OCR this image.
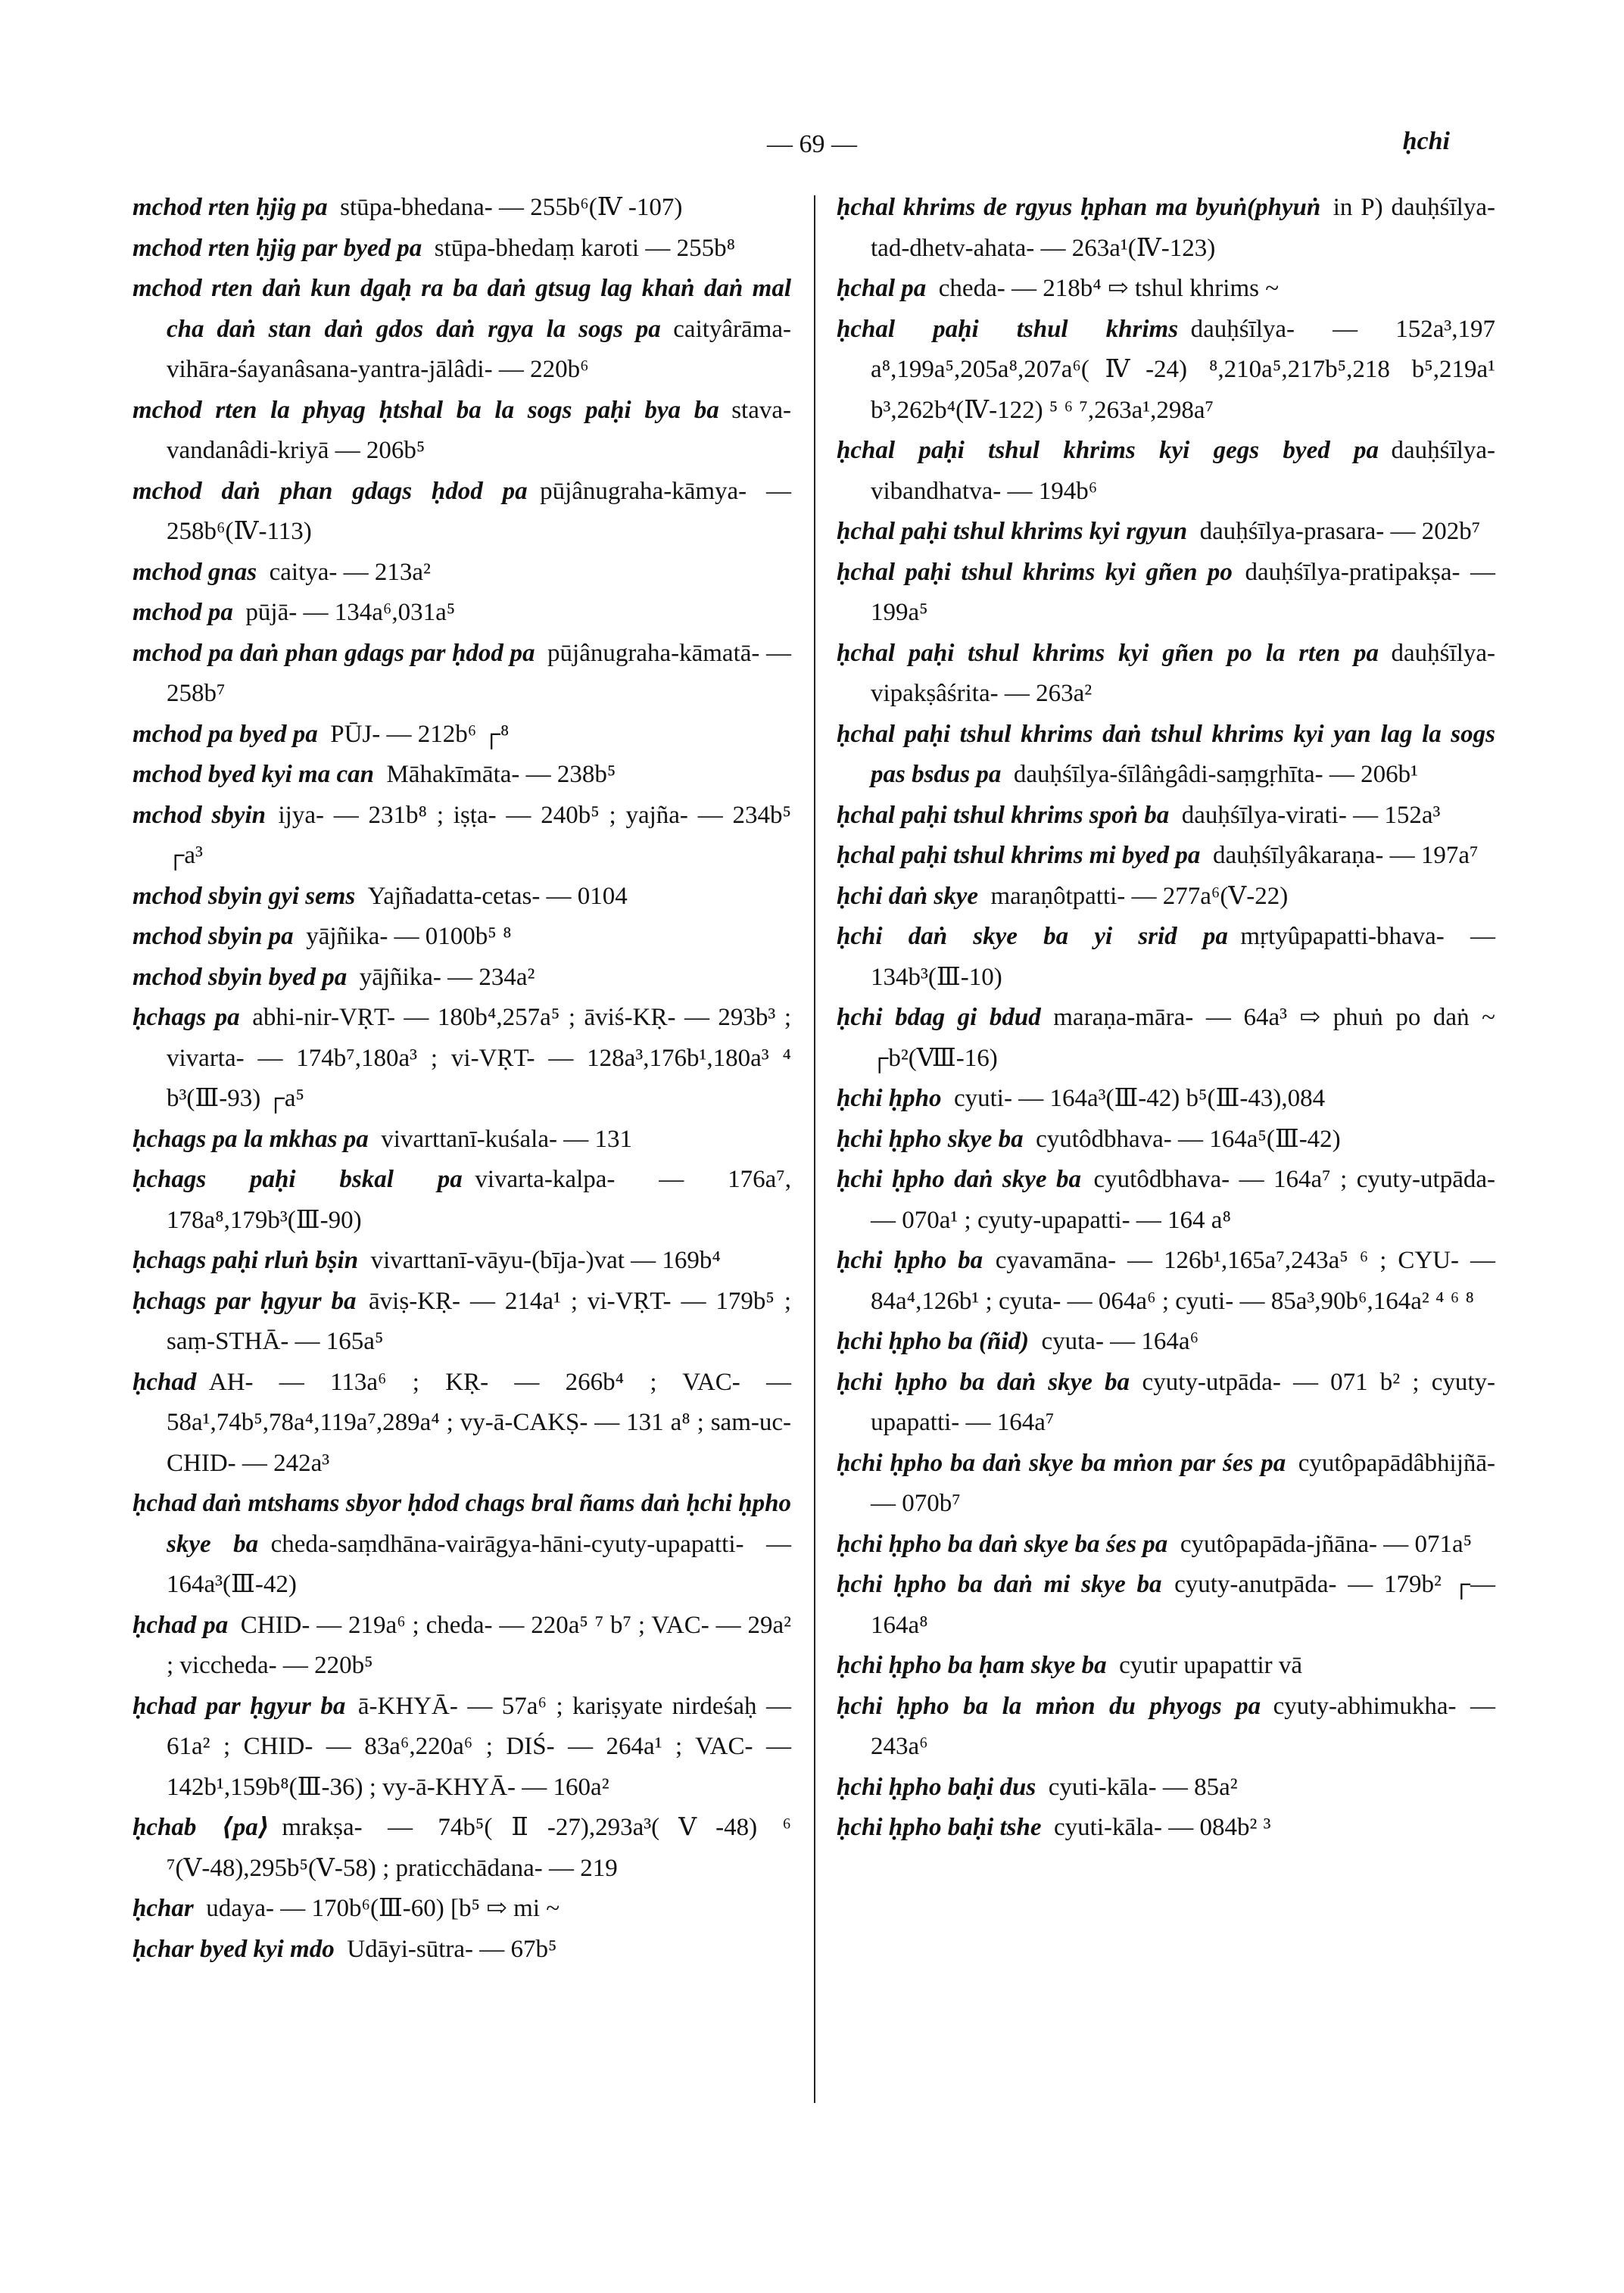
— 69 —	ḥchi

mchod rten ḥjig pa  stūpa-bhedana- — 255b⁶(Ⅳ -107)

mchod rten ḥjig par byed pa  stūpa-bhedaṃ karoti — 255b⁸

mchod rten daṅ kun dgaḥ ra ba daṅ gtsug lag khaṅ daṅ mal cha daṅ stan daṅ gdos daṅ rgya la sogs pa  caityârāma-vihāra-śayanâsana-yantra-jālâdi- — 220b⁶

mchod rten la phyag ḥtshal ba la sogs paḥi bya ba  stava-vandanâdi-kriyā — 206b⁵

mchod daṅ phan gdags ḥdod pa  pūjânugraha-kāmya- — 258b⁶(Ⅳ-113)

mchod gnas  caitya- — 213a²

mchod pa  pūjā- — 134a⁶,031a⁵

mchod pa daṅ phan gdags par ḥdod pa  pūjânugraha-kāmatā- — 258b⁷

mchod pa byed pa  PŪJ- — 212b⁶ ┌⁸

mchod byed kyi ma can  Māhakīmāta- — 238b⁵

mchod sbyin  ijya- — 231b⁸ ; iṣṭa- — 240b⁵ ; yajña- — 234b⁵ ┌a³

mchod sbyin gyi sems  Yajñadatta-cetas- — 0104

mchod sbyin pa  yājñika- — 0100b⁵ ⁸

mchod sbyin byed pa  yājñika- — 234a²

ḥchags pa  abhi-nir-VṚT- — 180b⁴,257a⁵ ; āviś-KṚ- — 293b³ ; vivarta- — 174b⁷,180a³ ; vi-VṚT- — 128a³,176b¹,180a³ ⁴ b³(Ⅲ-93) ┌a⁵

ḥchags pa la mkhas pa  vivarttanī-kuśala- — 131

ḥchags paḥi bskal pa  vivarta-kalpa- — 176a⁷, 178a⁸,179b³(Ⅲ-90)

ḥchags paḥi rluṅ bṣin  vivarttanī-vāyu-(bīja-)vat — 169b⁴

ḥchags par ḥgyur ba  āviṣ-KṚ- — 214a¹ ; vi-VṚT- — 179b⁵ ; saṃ-STHĀ- — 165a⁵

ḥchad  AH- — 113a⁶ ; KṚ- — 266b⁴ ; VAC- — 58a¹,74b⁵,78a⁴,119a⁷,289a⁴ ; vy-ā-CAKṢ- — 131 a⁸ ; sam-uc-CHID- — 242a³

ḥchad daṅ mtshams sbyor ḥdod chags bral ñams daṅ ḥchi ḥpho skye ba  cheda-saṃdhāna-vairāgya-hāni-cyuty-upapatti- — 164a³(Ⅲ-42)

ḥchad pa  CHID- — 219a⁶ ; cheda- — 220a⁵ ⁷ b⁷ ; VAC- — 29a² ; viccheda- — 220b⁵

ḥchad par ḥgyur ba  ā-KHYĀ- — 57a⁶ ; kariṣyate nirdeśaḥ — 61a² ; CHID- — 83a⁶,220a⁶ ; DIŚ- — 264a¹ ; VAC- — 142b¹,159b⁸(Ⅲ-36) ; vy-ā-KHYĀ- — 160a²

ḥchab ⟨pa⟩  mrakṣa- — 74b⁵(Ⅱ-27),293a³(Ⅴ-48) ⁶ ⁷(Ⅴ-48),295b⁵(Ⅴ-58) ; praticchādana- — 219

ḥchar  udaya- — 170b⁶(Ⅲ-60) [b⁵ ⇨ mi ~

ḥchar byed kyi mdo  Udāyi-sūtra- — 67b⁵

ḥchal khrims de rgyus ḥphan ma byuṅ(phyuṅ  in P) dauḥśīlya-tad-dhetv-ahata- — 263a¹(Ⅳ-123)

ḥchal pa  cheda- — 218b⁴ ⇨ tshul khrims ~

ḥchal paḥi tshul khrims  dauḥśīlya- — 152a³,197 a⁸,199a⁵,205a⁸,207a⁶(Ⅳ-24) ⁸,210a⁵,217b⁵,218 b⁵,219a¹ b³,262b⁴(Ⅳ-122) ⁵ ⁶ ⁷,263a¹,298a⁷

ḥchal paḥi tshul khrims kyi gegs byed pa  dauḥśīlya-vibandhatva- — 194b⁶

ḥchal paḥi tshul khrims kyi rgyun  dauḥśīlya-prasara- — 202b⁷

ḥchal paḥi tshul khrims kyi gñen po  dauḥśīlya-pratipakṣa- — 199a⁵

ḥchal paḥi tshul khrims kyi gñen po la rten pa  dauḥśīlya-vipakṣâśrita- — 263a²

ḥchal paḥi tshul khrims daṅ tshul khrims kyi yan lag la sogs pas bsdus pa  dauḥśīlya-śīlâṅgâdi-saṃgṛhīta- — 206b¹

ḥchal paḥi tshul khrims spoṅ ba  dauḥśīlya-virati- — 152a³

ḥchal paḥi tshul khrims mi byed pa  dauḥśīlyâkaraṇa- — 197a⁷

ḥchi daṅ skye  maraṇôtpatti- — 277a⁶(Ⅴ-22)

ḥchi daṅ skye ba yi srid pa  mṛtyûpapatti-bhava- — 134b³(Ⅲ-10)

ḥchi bdag gi bdud  maraṇa-māra- — 64a³ ⇨ phuṅ po daṅ ~ ┌b²(Ⅷ-16)

ḥchi ḥpho  cyuti- — 164a³(Ⅲ-42) b⁵(Ⅲ-43),084

ḥchi ḥpho skye ba  cyutôdbhava- — 164a⁵(Ⅲ-42)

ḥchi ḥpho daṅ skye ba  cyutôdbhava- — 164a⁷ ; cyuty-utpāda- — 070a¹ ; cyuty-upapatti- — 164 a⁸

ḥchi ḥpho ba  cyavamāna- — 126b¹,165a⁷,243a⁵ ⁶ ; CYU- — 84a⁴,126b¹ ; cyuta- — 064a⁶ ; cyuti- — 85a³,90b⁶,164a² ⁴ ⁶ ⁸

ḥchi ḥpho ba (ñid)  cyuta- — 164a⁶

ḥchi ḥpho ba daṅ skye ba  cyuty-utpāda- — 071 b² ; cyuty-upapatti- — 164a⁷

ḥchi ḥpho ba daṅ skye ba mṅon par śes pa  cyutôpapādâbhijñā- — 070b⁷

ḥchi ḥpho ba daṅ skye ba śes pa  cyutôpapāda-jñāna- — 071a⁵

ḥchi ḥpho ba daṅ mi skye ba  cyuty-anutpāda- — 179b² ┌— 164a⁸

ḥchi ḥpho ba ḥam skye ba  cyutir upapattir vā

ḥchi ḥpho ba la mṅon du phyogs pa  cyuty-abhimukha- — 243a⁶

ḥchi ḥpho baḥi dus  cyuti-kāla- — 85a²

ḥchi ḥpho baḥi tshe  cyuti-kāla- — 084b² ³
